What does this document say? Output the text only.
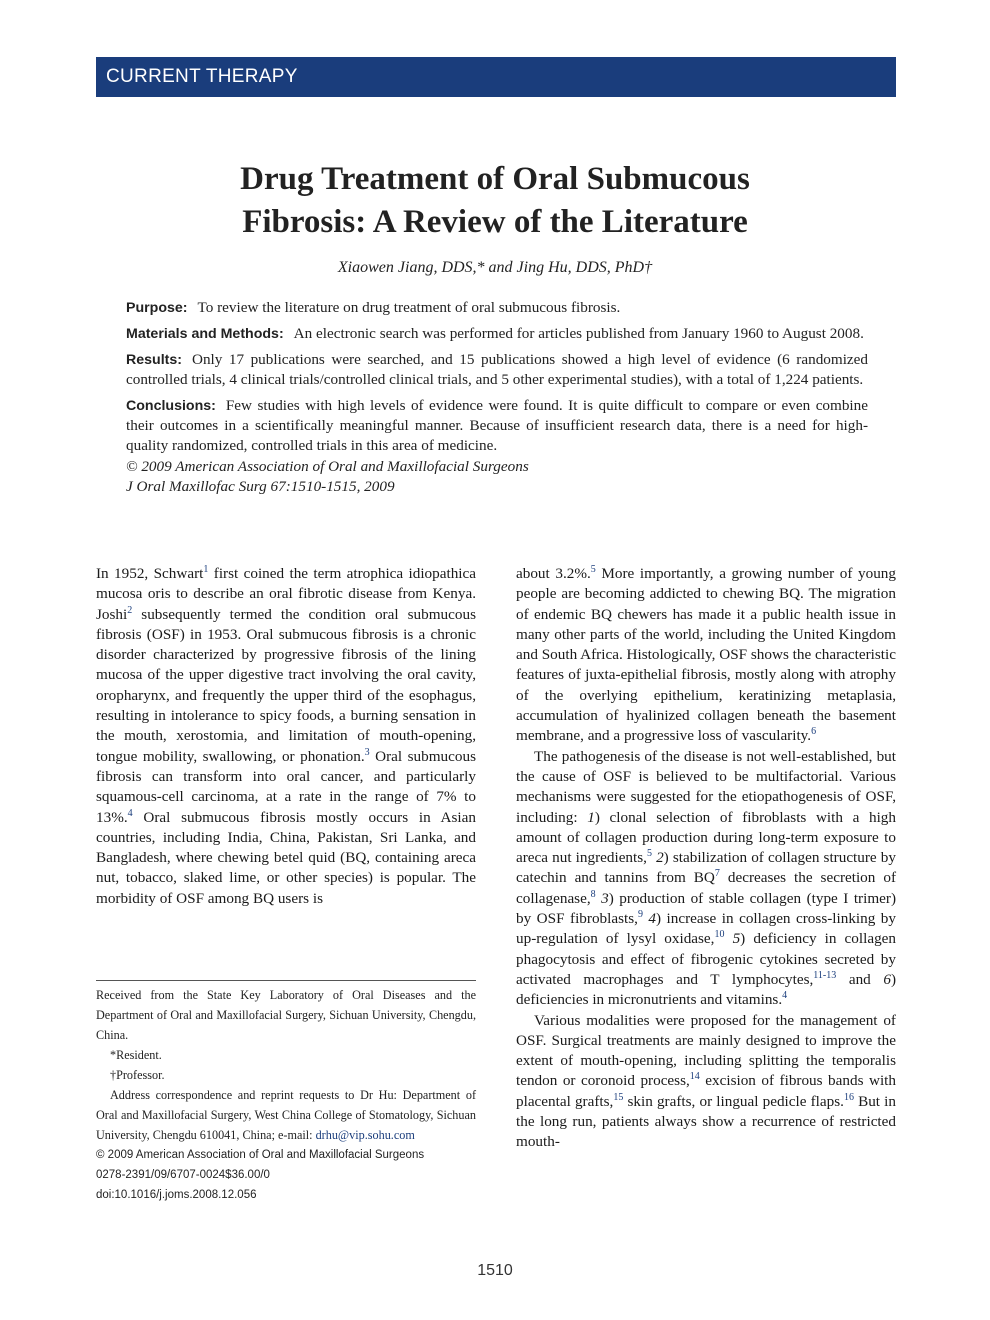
CURRENT THERAPY
Drug Treatment of Oral Submucous
Fibrosis: A Review of the Literature
Xiaowen Jiang, DDS,* and Jing Hu, DDS, PhD†

Purpose: To review the literature on drug treatment of oral submucous fibrosis.

Materials and Methods: An electronic search was performed for articles published from January 1960 to August 2008.

Results: Only 17 publications were searched, and 15 publications showed a high level of evidence (6 randomized controlled trials, 4 clinical trials/controlled clinical trials, and 5 other experimental studies), with a total of 1,224 patients.

Conclusions: Few studies with high levels of evidence were found. It is quite difficult to compare or even combine their outcomes in a scientifically meaningful manner. Because of insufficient research data, there is a need for high-quality randomized, controlled trials in this area of medicine.

© 2009 American Association of Oral and Maxillofacial Surgeons

J Oral Maxillofac Surg 67:1510-1515, 2009

In 1952, Schwart$^1$ first coined the term atrophica idiopathica mucosa oris to describe an oral fibrotic disease from Kenya. Joshi$^2$ subsequently termed the condition oral submucous fibrosis (OSF) in 1953. Oral submucous fibrosis is a chronic disorder characterized by progressive fibrosis of the lining mucosa of the upper digestive tract involving the oral cavity, oropharynx, and frequently the upper third of the esophagus, resulting in intolerance to spicy foods, a burning sensation in the mouth, xerostomia, and limitation of mouth-opening, tongue mobility, swallowing, or phonation.$^3$ Oral submucous fibrosis can transform into oral cancer, and particularly squamous-cell carcinoma, at a rate in the range of 7% to 13%.$^4$ Oral submucous fibrosis mostly occurs in Asian countries, including India, China, Pakistan, Sri Lanka, and Bangladesh, where chewing betel quid (BQ, containing areca nut, tobacco, slaked lime, or other species) is popular. The morbidity of OSF among BQ users is

about 3.2%.$^5$ More importantly, a growing number of young people are becoming addicted to chewing BQ. The migration of endemic BQ chewers has made it a public health issue in many other parts of the world, including the United Kingdom and South Africa. Histologically, OSF shows the characteristic features of juxta-epithelial fibrosis, mostly along with atrophy of the overlying epithelium, keratinizing metaplasia, accumulation of hyalinized collagen beneath the basement membrane, and a progressive loss of vascularity.$^6$

The pathogenesis of the disease is not well-established, but the cause of OSF is believed to be multifactorial. Various mechanisms were suggested for the etiopathogenesis of OSF, including: 1) clonal selection of fibroblasts with a high amount of collagen production during long-term exposure to areca nut ingredients,$^5$ 2) stabilization of collagen structure by catechin and tannins from $BQ^7$ decreases the secretion of collagenase,$^8$ 3) production of stable collagen (type I trimer) by OSF fibroblasts,$^9$ 4) increase in collagen cross-linking by up-regulation of lysyl oxidase,$^{10}$ 5) deficiency in collagen phagocytosis and effect of fibrogenic cytokines secreted by activated macrophages and T lymphocytes,$^{11-13}$ and 6) deficiencies in micronutrients and vitamins.$^4$

Various modalities were proposed for the management of OSF. Surgical treatments are mainly designed to improve the extent of mouth-opening, including splitting the temporalis tendon or coronoid process,$^{14}$ excision of fibrous bands with placental grafts,$^{15}$ skin grafts, or lingual pedicle flaps.$^{16}$ But in the long run, patients always show a recurrence of restricted mouth-

Received from the State Key Laboratory of Oral Diseases and the Department of Oral and Maxillofacial Surgery, Sichuan University, Chengdu, China.

*Resident.

†Professor.

Address correspondence and reprint requests to Dr Hu: Department of Oral and Maxillofacial Surgery, West China College of Stomatology, Sichuan University, Chengdu 610041, China; e-mail: drhu@vip.sohu.com

© 2009 American Association of Oral and Maxillofacial Surgeons

0278-2391/09/6707-0024$36.00/0

doi:10.1016/j.joms.2008.12.056

1510
